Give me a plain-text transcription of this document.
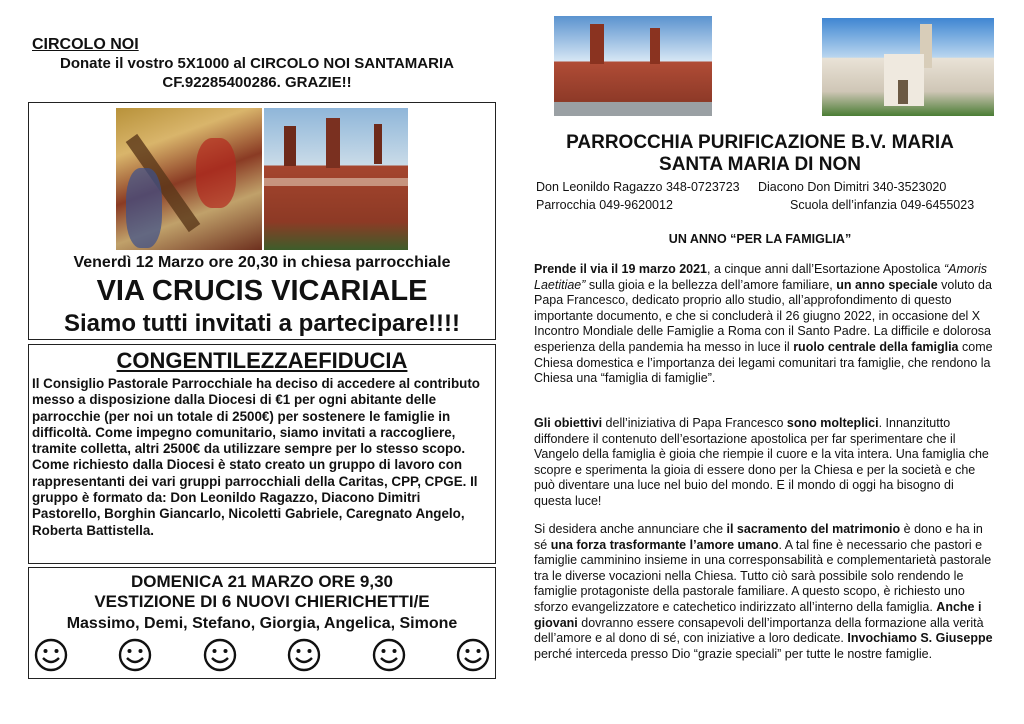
CIRCOLO NOI
Donate il vostro 5X1000 al CIRCOLO NOI SANTAMARIA
CF.92285400286. GRAZIE!!
Venerdì 12 Marzo ore 20,30 in chiesa parrocchiale
VIA CRUCIS VICARIALE
Siamo tutti invitati a partecipare!!!!
CONGENTILEZZAEFIDUCIA
Il Consiglio Pastorale Parrocchiale ha deciso di accedere al contributo messo a disposizione dalla Diocesi di €1 per ogni abitante delle parrocchie (per noi un totale di 2500€) per sostenere le famiglie in difficoltà. Come impegno comunitario, siamo invitati a raccogliere, tramite colletta, altri 2500€ da utilizzare sempre per lo stesso scopo. Come richiesto dalla Diocesi è stato creato un gruppo di lavoro con rappresentanti dei vari gruppi parrocchiali della Caritas, CPP, CPGE. Il gruppo è formato da: Don Leonildo Ragazzo, Diacono Dimitri Pastorello, Borghin Giancarlo, Nicoletti Gabriele, Caregnato Angelo, Roberta Battistella.
DOMENICA 21 MARZO ORE 9,30
VESTIZIONE DI 6 NUOVI CHIERICHETTI/E
Massimo, Demi, Stefano, Giorgia, Angelica, Simone
PARROCCHIA PURIFICAZIONE B.V. MARIA
SANTA MARIA DI NON
Don Leonildo Ragazzo 348-0723723 Diacono Don Dimitri 340-3523020
Parrocchia 049-9620012	Scuola dell’infanzia 049-6455023
UN ANNO “PER LA FAMIGLIA”
Prende il via il 19 marzo 2021, a cinque anni dall’Esortazione Apostolica “Amoris Laetitiae” sulla gioia e la bellezza dell’amore familiare, un anno speciale voluto da Papa Francesco, dedicato proprio allo studio, all’approfondimento di questo importante documento, e che si concluderà il 26 giugno 2022, in occasione del X Incontro Mondiale delle Famiglie a Roma con il Santo Padre. La difficile e dolorosa esperienza della pandemia ha messo in luce il ruolo centrale della famiglia come Chiesa domestica e l’importanza dei legami comunitari tra famiglie, che rendono la Chiesa una “famiglia di famiglie”.
Gli obiettivi dell’iniziativa di Papa Francesco sono molteplici. Innanzitutto diffondere il contenuto dell’esortazione apostolica per far sperimentare che il Vangelo della famiglia è gioia che riempie il cuore e la vita intera. Una famiglia che scopre e sperimenta la gioia di essere dono per la Chiesa e per la società e che può diventare una luce nel buio del mondo. E il mondo di oggi ha bisogno di questa luce!
Si desidera anche annunciare che il sacramento del matrimonio è dono e ha in sé una forza trasformante l’amore umano. A tal fine è necessario che pastori e famiglie camminino insieme in una corresponsabilità e complementarietà pastorale tra le diverse vocazioni nella Chiesa. Tutto ciò sarà possibile solo rendendo le famiglie protagoniste della pastorale familiare. A questo scopo, è richiesto uno sforzo evangelizzatore e catechetico indirizzato all’interno della famiglia. Anche i giovani dovranno essere consapevoli dell’importanza della formazione alla verità dell’amore e al dono di sé, con iniziative a loro dedicate. Invochiamo S. Giuseppe perché interceda presso Dio “grazie speciali” per tutte le nostre famiglie.
